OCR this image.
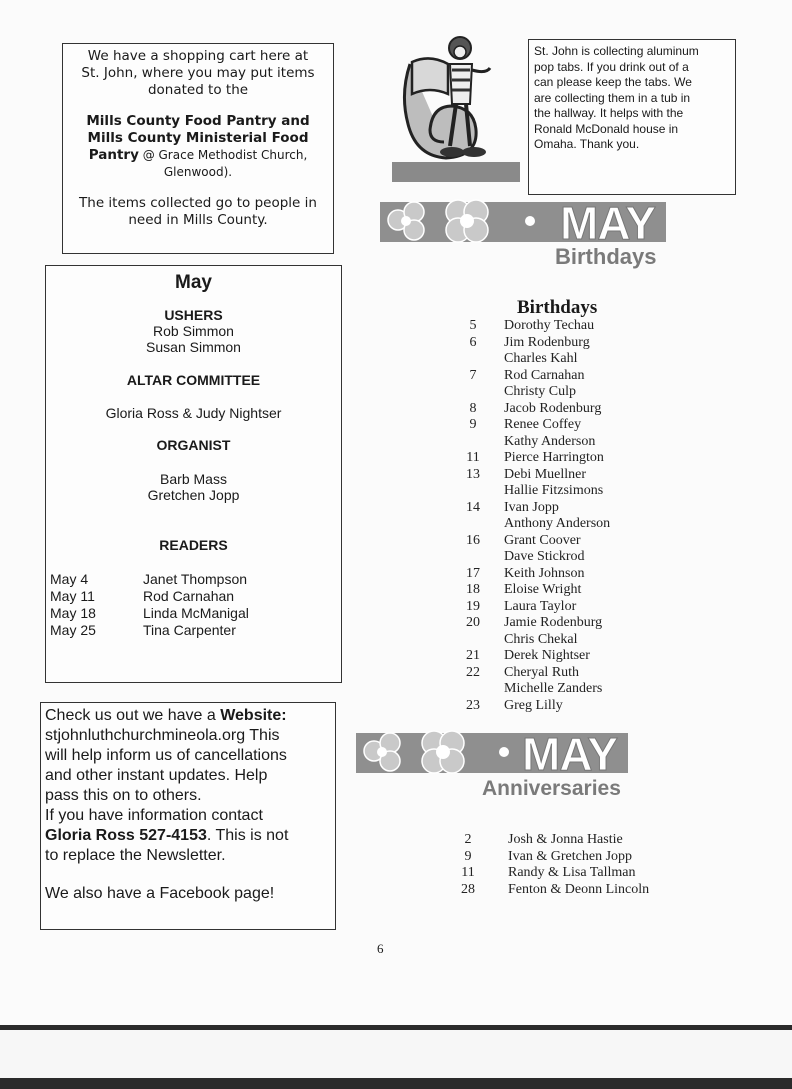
We have a shopping cart here at
St. John, where you may put items
donated to the
Mills County Food Pantry and
Mills County Ministerial Food
Pantry @ Grace Methodist Church,
Glenwood).
The items collected go to people in
need in Mills County.
St. John is collecting aluminum
pop tabs. If you drink out of a
can please keep the tabs. We
are collecting them in a tub in
the hallway. It helps with the
Ronald McDonald house in
Omaha. Thank you.
MAY
Birthdays
May
USHERS
Rob Simmon
Susan Simmon
ALTAR COMMITTEE
Gloria Ross & Judy Nightser
ORGANIST
Barb Mass
Gretchen Jopp
READERS
May 4	Janet Thompson
May 11	Rod Carnahan
May 18	Linda McManigal
May 25	Tina Carpenter
Check us out we have a Website:
stjohnluthchurchmineola.org This
will help inform us of cancellations
and other instant updates. Help
pass this on to others.
If you have information contact
Gloria Ross 527-4153. This is not
to replace the Newsletter.
We also have a Facebook page!
Birthdays
5	Dorothy Techau
6	Jim Rodenburg
Charles Kahl
7	Rod Carnahan
Christy Culp
8	Jacob Rodenburg
9	Renee Coffey
Kathy Anderson
11	Pierce Harrington
13	Debi Muellner
Hallie Fitzsimons
14	Ivan Jopp
Anthony Anderson
16	Grant Coover
Dave Stickrod
17	Keith Johnson
18	Eloise Wright
19	Laura Taylor
20	Jamie Rodenburg
Chris Chekal
21	Derek Nightser
22	Cheryal Ruth
Michelle Zanders
23	Greg Lilly
MAY
Anniversaries
2	Josh & Jonna Hastie
9	Ivan & Gretchen Jopp
11	Randy & Lisa Tallman
28	Fenton & Deonn Lincoln
6
